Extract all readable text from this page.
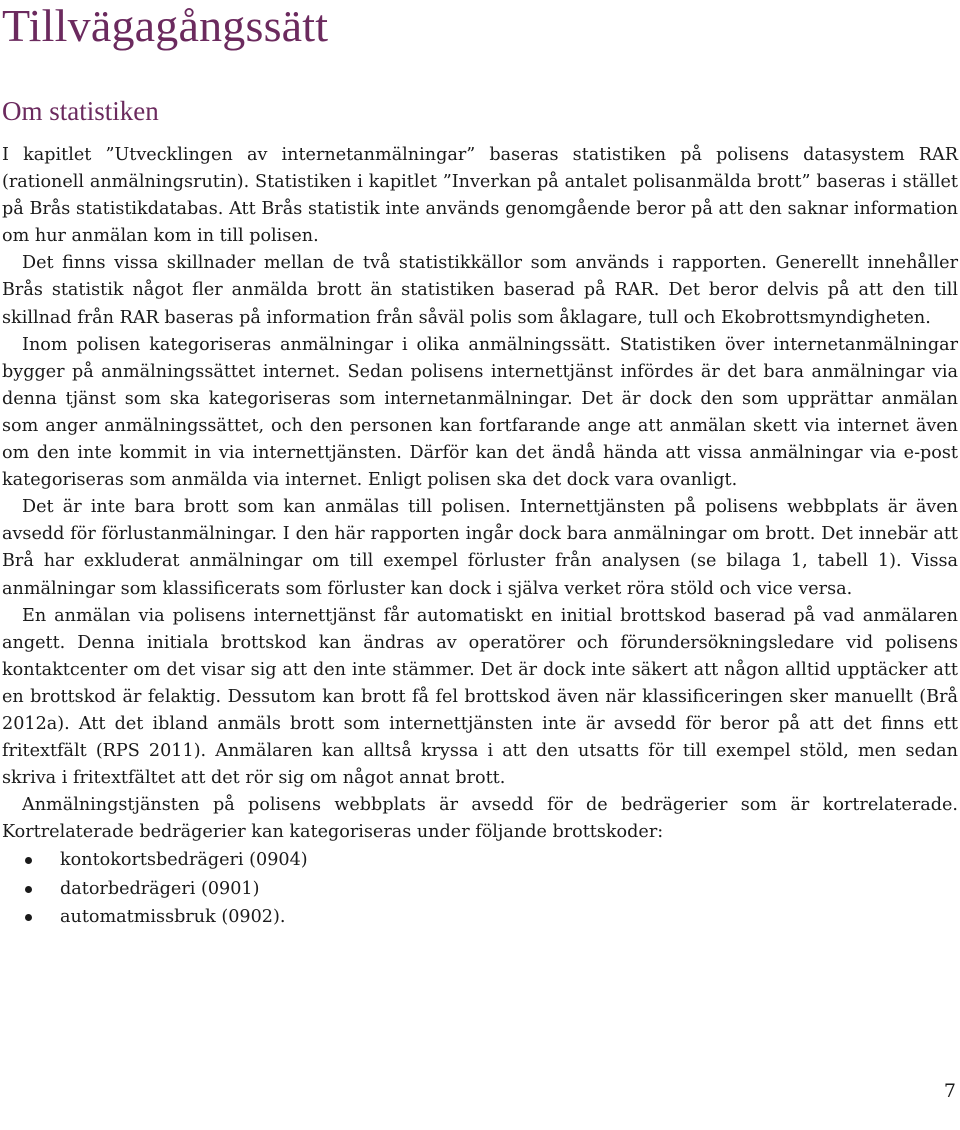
Tillvägagångssätt
Om statistiken

I kapitlet ”Utvecklingen av internetanmälningar” baseras statistiken på polisens datasystem RAR (rationell anmälningsrutin). Statistiken i kapitlet ”Inverkan på antalet polisanmälda brott” baseras i stället på Brås statistikdatabas. Att Brås statistik inte används genomgående beror på att den saknar information om hur anmälan kom in till polisen.

Det finns vissa skillnader mellan de två statistikkällor som används i rapporten. Generellt innehåller Brås statistik något fler anmälda brott än statistiken baserad på RAR. Det beror delvis på att den till skillnad från RAR baseras på information från såväl polis som åklagare, tull och Ekobrottsmyndigheten.

Inom polisen kategoriseras anmälningar i olika anmälningssätt. Statistiken över internetanmälningar bygger på anmälningssättet internet. Sedan polisens internettjänst infördes är det bara anmälningar via denna tjänst som ska kategoriseras som internetanmälningar. Det är dock den som upprättar anmälan som anger anmälningssättet, och den personen kan fortfarande ange att anmälan skett via internet även om den inte kommit in via internettjänsten. Därför kan det ändå hända att vissa anmälningar via e-post kategoriseras som anmälda via internet. Enligt polisen ska det dock vara ovanligt.

Det är inte bara brott som kan anmälas till polisen. Internettjänsten på polisens webbplats är även avsedd för förlustanmälningar. I den här rapporten ingår dock bara anmälningar om brott. Det innebär att Brå har exkluderat anmälningar om till exempel förluster från analysen (se bilaga 1, tabell 1). Vissa anmälningar som klassificerats som förluster kan dock i själva verket röra stöld och vice versa.

En anmälan via polisens internettjänst får automatiskt en initial brottskod baserad på vad anmälaren angett. Denna initiala brottskod kan ändras av operatörer och förundersökningsledare vid polisens kontaktcenter om det visar sig att den inte stämmer. Det är dock inte säkert att någon alltid upptäcker att en brottskod är felaktig. Dessutom kan brott få fel brottskod även när klassificeringen sker manuellt (Brå 2012a). Att det ibland anmäls brott som internettjänsten inte är avsedd för beror på att det finns ett fritextfält (RPS 2011). Anmälaren kan alltså kryssa i att den utsatts för till exempel stöld, men sedan skriva i fritextfältet att det rör sig om något annat brott.

Anmälningstjänsten på polisens webbplats är avsedd för de bedrägerier som är kortrelaterade. Kortrelaterade bedrägerier kan kategoriseras under följande brottskoder:

kontokortsbedrägeri (0904)
datorbedrägeri (0901)
automatmissbruk (0902).
7
